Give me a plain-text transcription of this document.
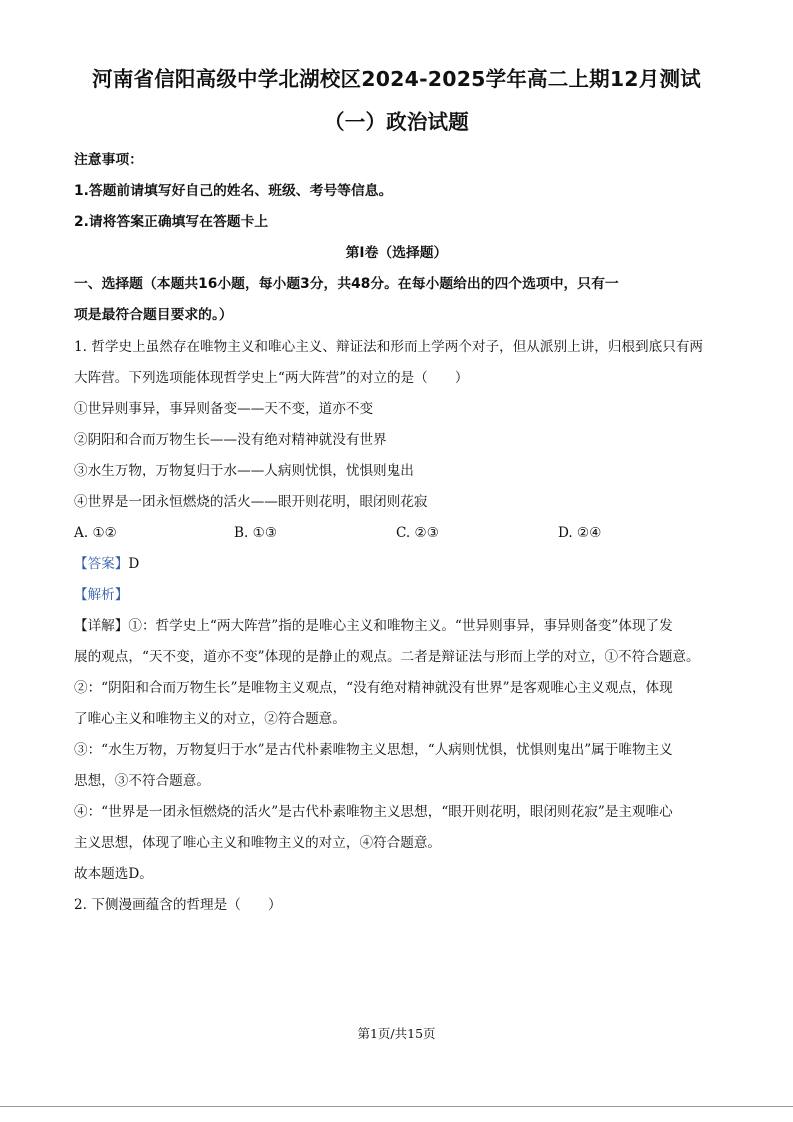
河南省信阳高级中学北湖校区2024-2025学年高二上期12月测试
（一）政治试题
注意事项：
1.答题前请填写好自己的姓名、班级、考号等信息。
2.请将答案正确填写在答题卡上
第Ⅰ卷（选择题）
一、选择题（本题共16小题，每小题3分，共48分。在每小题给出的四个选项中，只有一
项是最符合题目要求的。）
1. 哲学史上虽然存在唯物主义和唯心主义、辩证法和形而上学两个对子，但从派别上讲，归根到底只有两
大阵营。下列选项能体现哲学史上“两大阵营”的对立的是（　　）
①世异则事异，事异则备变——天不变，道亦不变
②阴阳和合而万物生长——没有绝对精神就没有世界
③水生万物，万物复归于水——人病则忧惧，忧惧则鬼出
④世界是一团永恒燃烧的活火——眼开则花明，眼闭则花寂
A. ①②	B. ①③	C. ②③	D. ②④
【答案】D
【解析】
【详解】①：哲学史上“两大阵营”指的是唯心主义和唯物主义。“世异则事异，事异则备变”体现了发
展的观点，“天不变，道亦不变”体现的是静止的观点。二者是辩证法与形而上学的对立，①不符合题意。
②：“阴阳和合而万物生长”是唯物主义观点，“没有绝对精神就没有世界”是客观唯心主义观点，体现
了唯心主义和唯物主义的对立，②符合题意。
③：“水生万物，万物复归于水”是古代朴素唯物主义思想，“人病则忧惧，忧惧则鬼出”属于唯物主义
思想，③不符合题意。
④：“世界是一团永恒燃烧的活火”是古代朴素唯物主义思想，“眼开则花明，眼闭则花寂”是主观唯心
主义思想，体现了唯心主义和唯物主义的对立，④符合题意。
故本题选D。
2. 下侧漫画蕴含的哲理是（　　）
第1页/共15页
